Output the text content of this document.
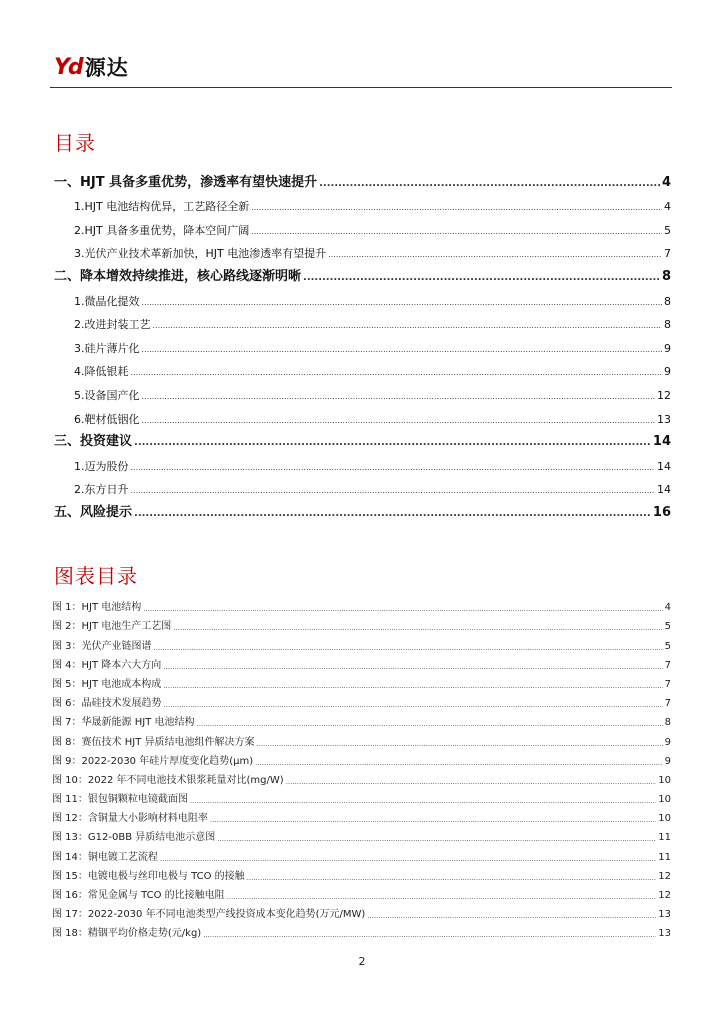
Yd 源达
目录
一、HJT 具备多重优势，渗透率有望快速提升 .....	4
1.HJT 电池结构优异，工艺路径全新 .....	4
2.HJT 具备多重优势，降本空间广阔 .....	5
3.光伏产业技术革新加快，HJT 电池渗透率有望提升 .....	7
二、降本增效持续推进，核心路线逐渐明晰 .....	8
1.微晶化提效 .....	8
2.改进封装工艺 .....	8
3.硅片薄片化 .....	9
4.降低银耗 .....	9
5.设备国产化 .....	12
6.靶材低铟化 .....	13
三、投资建议 .....	14
1.迈为股份 .....	14
2.东方日升 .....	14
五、风险提示 .....	16
图表目录
图 1：HJT 电池结构 .....	4
图 2：HJT 电池生产工艺图 .....	5
图 3：光伏产业链图谱 .....	5
图 4：HJT 降本六大方向 .....	7
图 5：HJT 电池成本构成 .....	7
图 6：晶硅技术发展趋势 .....	7
图 7：华晟新能源 HJT 电池结构 .....	8
图 8：赛伍技术 HJT 异质结电池组件解决方案 .....	9
图 9：2022-2030 年硅片厚度变化趋势(μm) .....	9
图 10：2022 年不同电池技术银浆耗量对比(mg/W) .....	10
图 11：银包铜颗粒电镜截面图 .....	10
图 12：含铜量大小影响材料电阻率 .....	10
图 13：G12-0BB 异质结电池示意图 .....	11
图 14：铜电镀工艺流程 .....	11
图 15：电镀电极与丝印电极与 TCO 的接触 .....	12
图 16：常见金属与 TCO 的比接触电阻 .....	12
图 17：2022-2030 年不同电池类型产线投资成本变化趋势(万元/MW) .....	13
图 18：精铟平均价格走势(元/kg) .....	13
2
